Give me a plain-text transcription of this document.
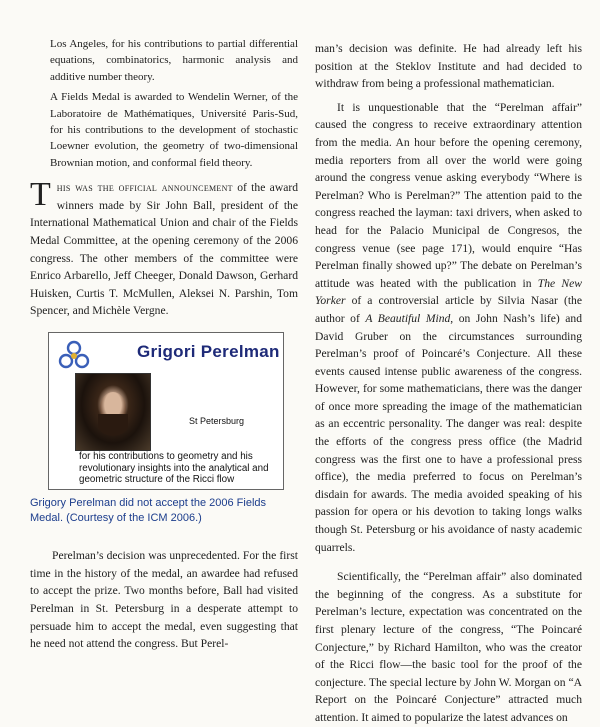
Los Angeles, for his contributions to partial differential equations, combinatorics, harmonic analysis and additive number theory.

A Fields Medal is awarded to Wendelin Werner, of the Laboratoire de Mathématiques, Université Paris-Sud, for his contributions to the development of stochastic Loewner evolution, the geometry of two-dimensional Brownian motion, and conformal field theory.

This was the official announcement of the award winners made by Sir John Ball, president of the International Mathematical Union and chair of the Fields Medal Committee, at the opening ceremony of the 2006 congress. The other members of the committee were Enrico Arbarello, Jeff Cheeger, Donald Dawson, Gerhard Huisken, Curtis T. McMullen, Aleksei N. Parshin, Tom Spencer, and Michèle Vergne.

Grigori Perelman
St Petersburg
for his contributions to geometry and his revolutionary insights into the analytical and geometric structure of the Ricci flow

Grigory Perelman did not accept the 2006 Fields Medal. (Courtesy of the ICM 2006.)

Perelman’s decision was unprecedented. For the first time in the history of the medal, an awardee had refused to accept the prize. Two months before, Ball had visited Perelman in St. Petersburg in a desperate attempt to persuade him to accept the medal, even suggesting that he need not attend the congress. But Perel-

man’s decision was definite. He had already left his position at the Steklov Institute and had decided to withdraw from being a professional mathematician.

It is unquestionable that the “Perelman affair” caused the congress to receive extraordinary attention from the media. An hour before the opening ceremony, media reporters from all over the world were going around the congress venue asking everybody “Where is Perelman? Who is Perelman?” The attention paid to the congress reached the layman: taxi drivers, when asked to head for the Palacio Municipal de Congresos, the congress venue (see page 171), would enquire “Has Perelman finally showed up?” The debate on Perelman’s attitude was heated with the publication in The New Yorker of a controversial article by Silvia Nasar (the author of A Beautiful Mind, on John Nash’s life) and David Gruber on the circumstances surrounding Perelman’s proof of Poincaré’s Conjecture. All these events caused intense public awareness of the congress. However, for some mathematicians, there was the danger of once more spreading the image of the mathematician as an eccentric personality. The danger was real: despite the efforts of the congress press office (the Madrid congress was the first one to have a professional press office), the media preferred to focus on Perelman’s disdain for awards. The media avoided speaking of his passion for opera or his devotion to taking longs walks though St. Petersburg or his avoidance of nasty academic quarrels.

Scientifically, the “Perelman affair” also dominated the beginning of the congress. As a substitute for Perelman’s lecture, expectation was concentrated on the first plenary lecture of the congress, “The Poincaré Conjecture,” by Richard Hamilton, who was the creator of the Ricci flow—the basic tool for the proof of the conjecture. The special lecture by John W. Morgan on “A Report on the Poincaré Conjecture” attracted much attention. It aimed to popularize the latest advances on
